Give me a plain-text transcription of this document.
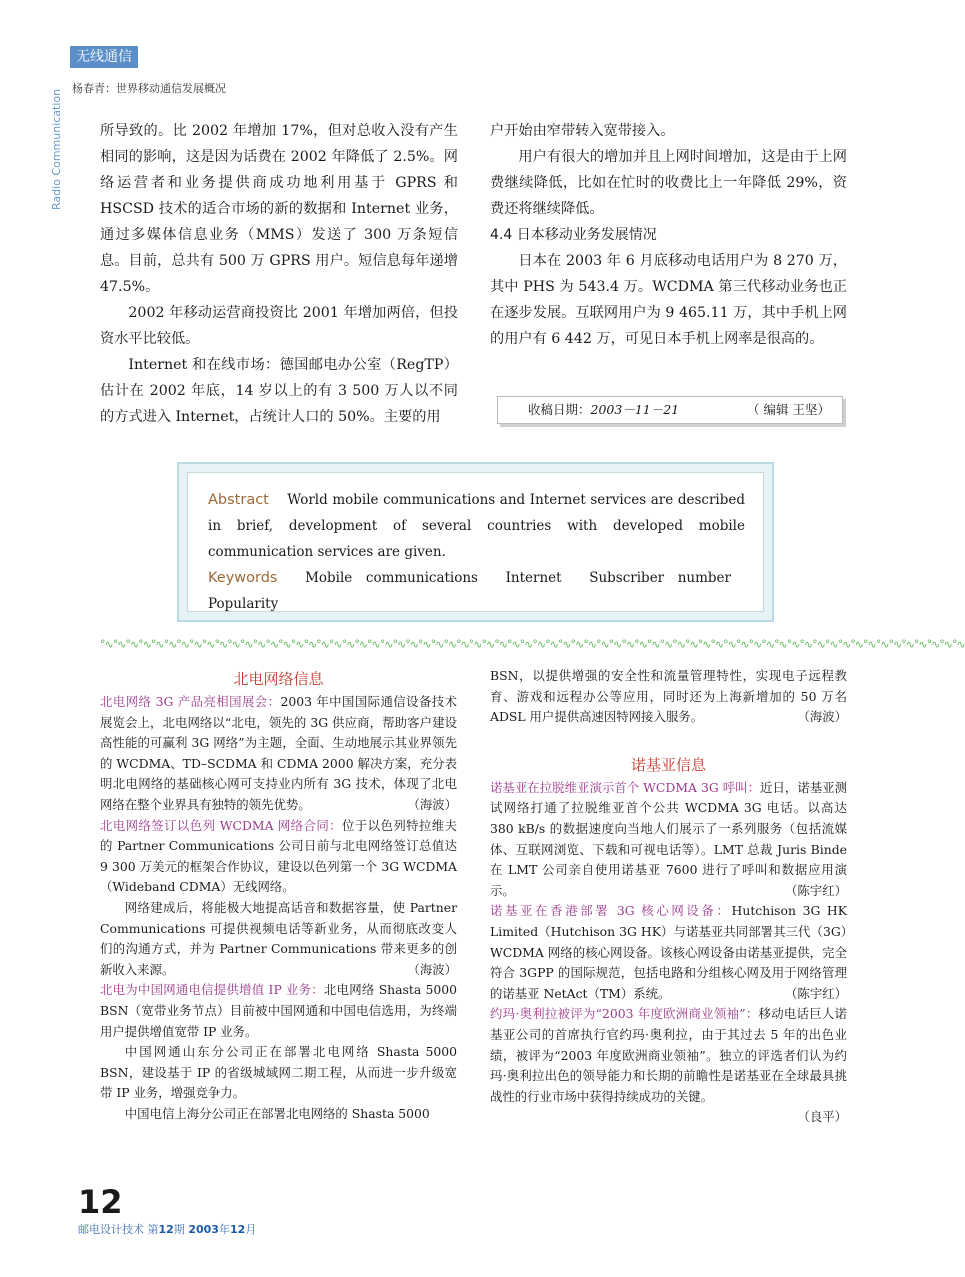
无线通信
Radio Communication
杨春青：世界移动通信发展概况

所导致的。比 2002 年增加 17%，但对总收入没有产生相同的影响，这是因为话费在 2002 年降低了 2.5%。网络运营者和业务提供商成功地利用基于 GPRS 和 HSCSD 技术的适合市场的新的数据和 Internet 业务，通过多媒体信息业务（MMS）发送了 300 万条短信息。目前，总共有 500 万 GPRS 用户。短信息每年递增 47.5%。

2002 年移动运营商投资比 2001 年增加两倍，但投资水平比较低。

Internet 和在线市场：德国邮电办公室（RegTP）估计在 2002 年底，14 岁以上的有 3 500 万人以不同的方式进入 Internet，占统计人口的 50%。主要的用

户开始由窄带转入宽带接入。

用户有很大的增加并且上网时间增加，这是由于上网费继续降低，比如在忙时的收费比上一年降低 29%，资费还将继续降低。

4.4 日本移动业务发展情况

日本在 2003 年 6 月底移动电话用户为 8 270 万，其中 PHS 为 543.4 万。WCDMA 第三代移动业务也正在逐步发展。互联网用户为 9 465.11 万，其中手机上网的用户有 6 442 万，可见日本手机上网率是很高的。

收稿日期：2003－11－21	（ 编辑 王坚）
Abstract World mobile communications and Internet services are described in brief, development of several countries with developed mobile communication services are given.
Keywords Mobile communications Internet Subscriber number Popularity
°∿°∿°∿°∿°∿°∿°∿°∿°∿°∿°∿°∿°∿°∿°∿°∿°∿°∿°∿°∿°∿°∿°∿°∿°∿°∿°∿°∿°∿°∿°∿°∿°∿°∿°∿°∿°∿°∿°∿°∿°∿°∿°∿°∿°∿°∿°∿°∿°∿°∿°∿°∿°∿°∿°∿°∿°∿°∿°∿°∿°∿°∿°∿°∿°∿°∿°∿°∿

北电网络信息

北电网络 3G 产品亮相国展会：2003 年中国国际通信设备技术展览会上，北电网络以“北电，领先的 3G 供应商，帮助客户建设高性能的可赢利 3G 网络”为主题，全面、生动地展示其业界领先的 WCDMA、TD–SCDMA 和 CDMA 2000 解决方案，充分表明北电网络的基础核心网可支持业内所有 3G 技术，体现了北电网络在整个业界具有独特的领先优势。	（海波）

北电网络签订以色列 WCDMA 网络合同：位于以色列特拉维夫的 Partner Communications 公司日前与北电网络签订总值达 9 300 万美元的框架合作协议，建设以色列第一个 3G WCDMA（Wideband CDMA）无线网络。

网络建成后，将能极大地提高话音和数据容量，使 Partner Communications 可提供视频电话等新业务，从而彻底改变人们的沟通方式，并为 Partner Communications 带来更多的创新收入来源。	（海波）

北电为中国网通电信提供增值 IP 业务：北电网络 Shasta 5000 BSN（宽带业务节点）目前被中国网通和中国电信选用，为终端用户提供增值宽带 IP 业务。

中国网通山东分公司正在部署北电网络 Shasta 5000 BSN，建设基于 IP 的省级城域网二期工程，从而进一步升级宽带 IP 业务，增强竞争力。

中国电信上海分公司正在部署北电网络的 Shasta 5000

BSN，以提供增强的安全性和流量管理特性，实现电子远程教育、游戏和远程办公等应用，同时还为上海新增加的 50 万名 ADSL 用户提供高速因特网接入服务。	（海波）

诺基亚信息

诺基亚在拉脱维亚演示首个 WCDMA 3G 呼叫：近日，诺基亚测试网络打通了拉脱维亚首个公共 WCDMA 3G 电话。以高达 380 kB/s 的数据速度向当地人们展示了一系列服务（包括流媒体、互联网浏览、下载和可视电话等）。LMT 总裁 Juris Binde 在 LMT 公司亲自使用诺基亚 7600 进行了呼叫和数据应用演示。	（陈宇红）

诺基亚在香港部署 3G 核心网设备：Hutchison 3G HK Limited（Hutchison 3G HK）与诺基亚共同部署其三代（3G）WCDMA 网络的核心网设备。该核心网设备由诺基亚提供，完全符合 3GPP 的国际规范，包括电路和分组核心网及用于网络管理的诺基亚 NetAct（TM）系统。	（陈宇红）

约玛·奥利拉被评为“2003 年度欧洲商业领袖”：移动电话巨人诺基亚公司的首席执行官约玛·奥利拉，由于其过去 5 年的出色业绩，被评为“2003 年度欧洲商业领袖”。独立的评选者们认为约玛·奥利拉出色的领导能力和长期的前瞻性是诺基亚在全球最具挑战性的行业市场中获得持续成功的关键。

（良平）

12
邮电设计技术 第12期 2003年12月
